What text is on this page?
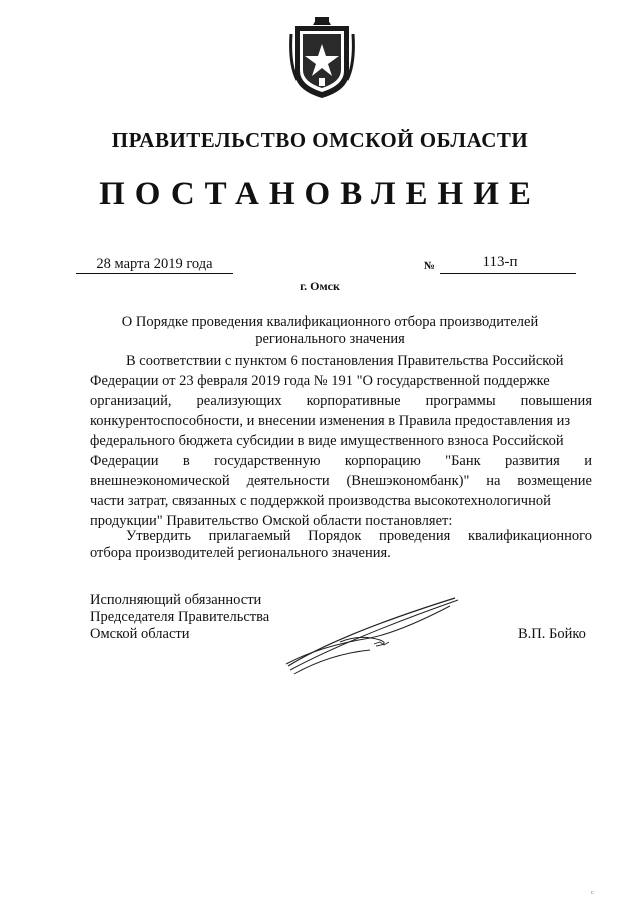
ПРАВИТЕЛЬСТВО ОМСКОЙ ОБЛАСТИ
ПОСТАНОВЛЕНИЕ
28 марта 2019 года	№	113-п
г. Омск
О Порядке проведения квалификационного отбора производителей
регионального значения
В соответствии с пунктом 6 постановления Правительства Российской
Федерации от 23 февраля 2019 года № 191 "О государственной поддержке
организаций, реализующих корпоративные программы повышения
конкурентоспособности, и внесении изменения в Правила предоставления из
федерального бюджета субсидии в виде имущественного взноса Российской
Федерации в государственную корпорацию "Банк развития и
внешнеэкономической деятельности (Внешэкономбанк)" на возмещение
части затрат, связанных с поддержкой производства высокотехнологичной
продукции" Правительство Омской области постановляет:
Утвердить прилагаемый Порядок проведения квалификационного
отбора производителей регионального значения.
Исполняющий обязанности
Председателя Правительства
Омской области	В.П. Бойко
с
